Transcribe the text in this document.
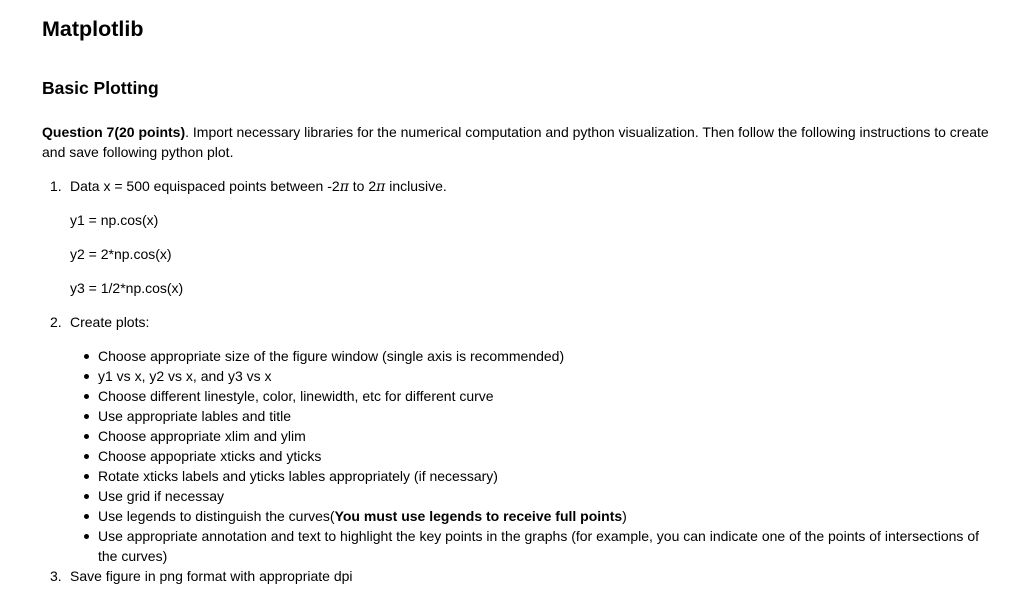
Matplotlib
Basic Plotting

Question 7(20 points). Import necessary libraries for the numerical computation and python visualization. Then follow the following instructions to create and save following python plot.

1. Data x = 500 equispaced points between -2π to 2π inclusive.
y1 = np.cos(x)
y2 = 2*np.cos(x)
y3 = 1/2*np.cos(x)
2. Create plots:
Choose appropriate size of the figure window (single axis is recommended)
y1 vs x, y2 vs x, and y3 vs x
Choose different linestyle, color, linewidth, etc for different curve
Use appropriate lables and title
Choose appropriate xlim and ylim
Choose appopriate xticks and yticks
Rotate xticks labels and yticks lables appropriately (if necessary)
Use grid if necessay
Use legends to distinguish the curves(You must use legends to receive full points)
Use appropriate annotation and text to highlight the key points in the graphs (for example, you can indicate one of the points of intersections of the curves)
3. Save figure in png format with appropriate dpi
